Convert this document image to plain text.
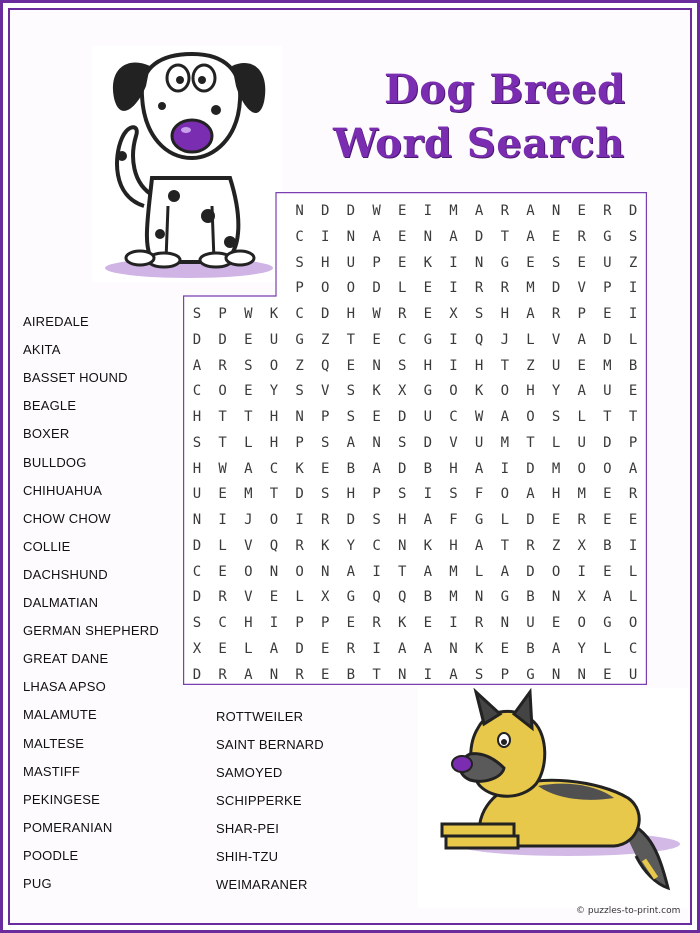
Dog Breed
Word Search
N	D	D	W	E	I	M	A	R	A	N	E	R	D
C	I	N	A	E	N	A	D	T	A	E	R	G	S
S	H	U	P	E	K	I	N	G	E	S	E	U	Z
P	O	O	D	L	E	I	R	R	M	D	V	P	I
S	P	W	K	C	D	H	W	R	E	X	S	H	A	R	P	E	I
D	D	E	U	G	Z	T	E	C	G	I	Q	J	L	V	A	D	L
A	R	S	O	Z	Q	E	N	S	H	I	H	T	Z	U	E	M	B
C	O	E	Y	S	V	S	K	X	G	O	K	O	H	Y	A	U	E
H	T	T	H	N	P	S	E	D	U	C	W	A	O	S	L	T	T
S	T	L	H	P	S	A	N	S	D	V	U	M	T	L	U	D	P
H	W	A	C	K	E	B	A	D	B	H	A	I	D	M	O	O	A
U	E	M	T	D	S	H	P	S	I	S	F	O	A	H	M	E	R
N	I	J	O	I	R	D	S	H	A	F	G	L	D	E	R	E	E
D	L	V	Q	R	K	Y	C	N	K	H	A	T	R	Z	X	B	I
C	E	O	N	O	N	A	I	T	A	M	L	A	D	O	I	E	L
D	R	V	E	L	X	G	Q	Q	B	M	N	G	B	N	X	A	L
S	C	H	I	P	P	E	R	K	E	I	R	N	U	E	O	G	O
X	E	L	A	D	E	R	I	A	A	N	K	E	B	A	Y	L	C
D	R	A	N	R	E	B	T	N	I	A	S	P	G	N	N	E	U
AIREDALE
AKITA
BASSET HOUND
BEAGLE
BOXER
BULLDOG
CHIHUAHUA
CHOW CHOW
COLLIE
DACHSHUND
DALMATIAN
GERMAN SHEPHERD
GREAT DANE
LHASA APSO
MALAMUTE
MALTESE
MASTIFF
PEKINGESE
POMERANIAN
POODLE
PUG
ROTTWEILER
SAINT BERNARD
SAMOYED
SCHIPPERKE
SHAR-PEI
SHIH-TZU
WEIMARANER
© puzzles-to-print.com
